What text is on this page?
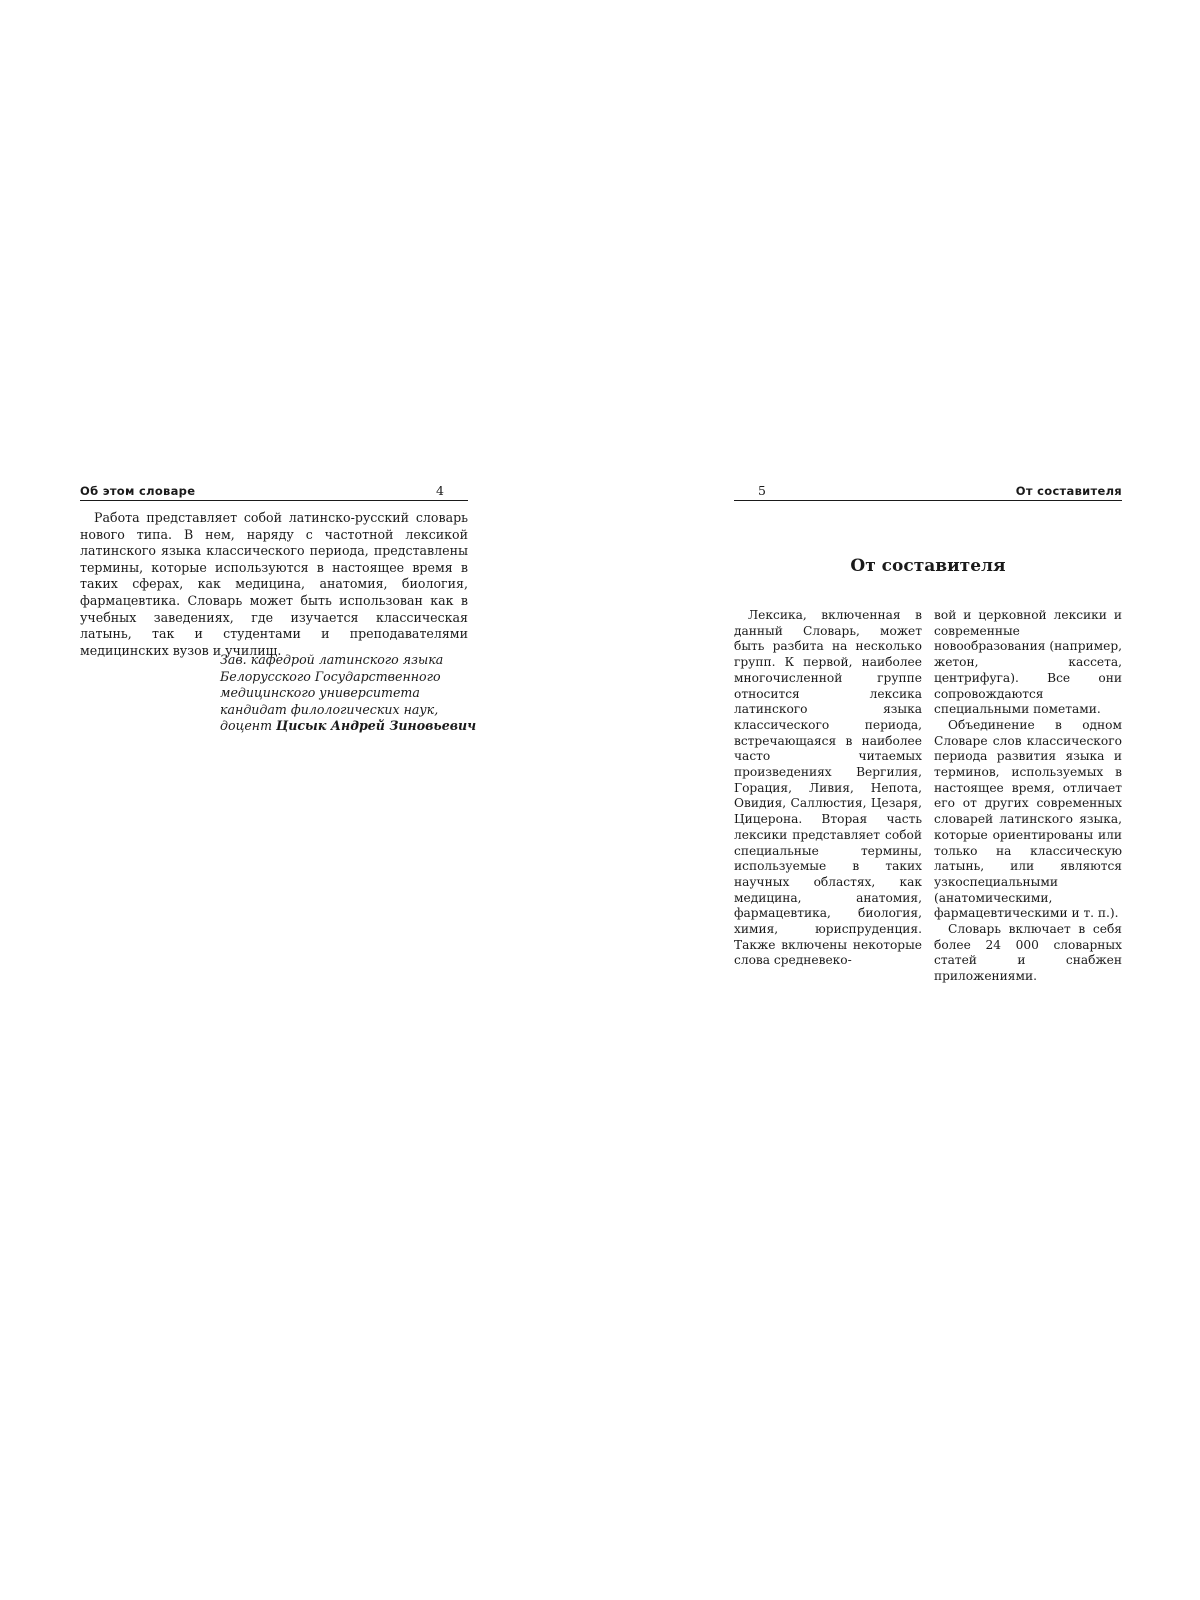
Об этом словаре	4

Работа представляет собой латинско-русский словарь нового типа. В нем, наряду с частотной лексикой латинского языка классического периода, представлены термины, которые используются в настоящее время в таких сферах, как медицина, анатомия, биология, фармацевтика. Словарь может быть использован как в учебных заведениях, где изучается классическая латынь, так и студентами и преподавателями медицинских вузов и училищ.

Зав. кафедрой латинского языка
Белорусского Государственного
медицинского университета
кандидат филологических наук,
доцент Цисык Андрей Зиновьевич
5	От составителя
От составителя

Лексика, включенная в данный Словарь, может быть разбита на несколько групп. К первой, наиболее многочисленной группе относится лексика латинского языка классического периода, встречающаяся в наиболее часто читаемых произведениях Вергилия, Горация, Ливия, Непота, Овидия, Саллюстия, Цезаря, Цицерона. Вторая часть лексики представляет собой специальные термины, используемые в таких научных областях, как медицина, анатомия, фармацевтика, биология, химия, юриспруденция. Также включены некоторые слова средневеко-

вой и церковной лексики и современные новообразования (например, жетон, кассета, центрифуга). Все они сопровождаются специальными пометами.

Объединение в одном Словаре слов классического периода развития языка и терминов, используемых в настоящее время, отличает его от других современных словарей латинского языка, которые ориентированы или только на классическую латынь, или являются узкоспециальными (анатомическими, фармацевтическими и т. п.).

Словарь включает в себя более 24 000 словарных статей и снабжен приложениями.
